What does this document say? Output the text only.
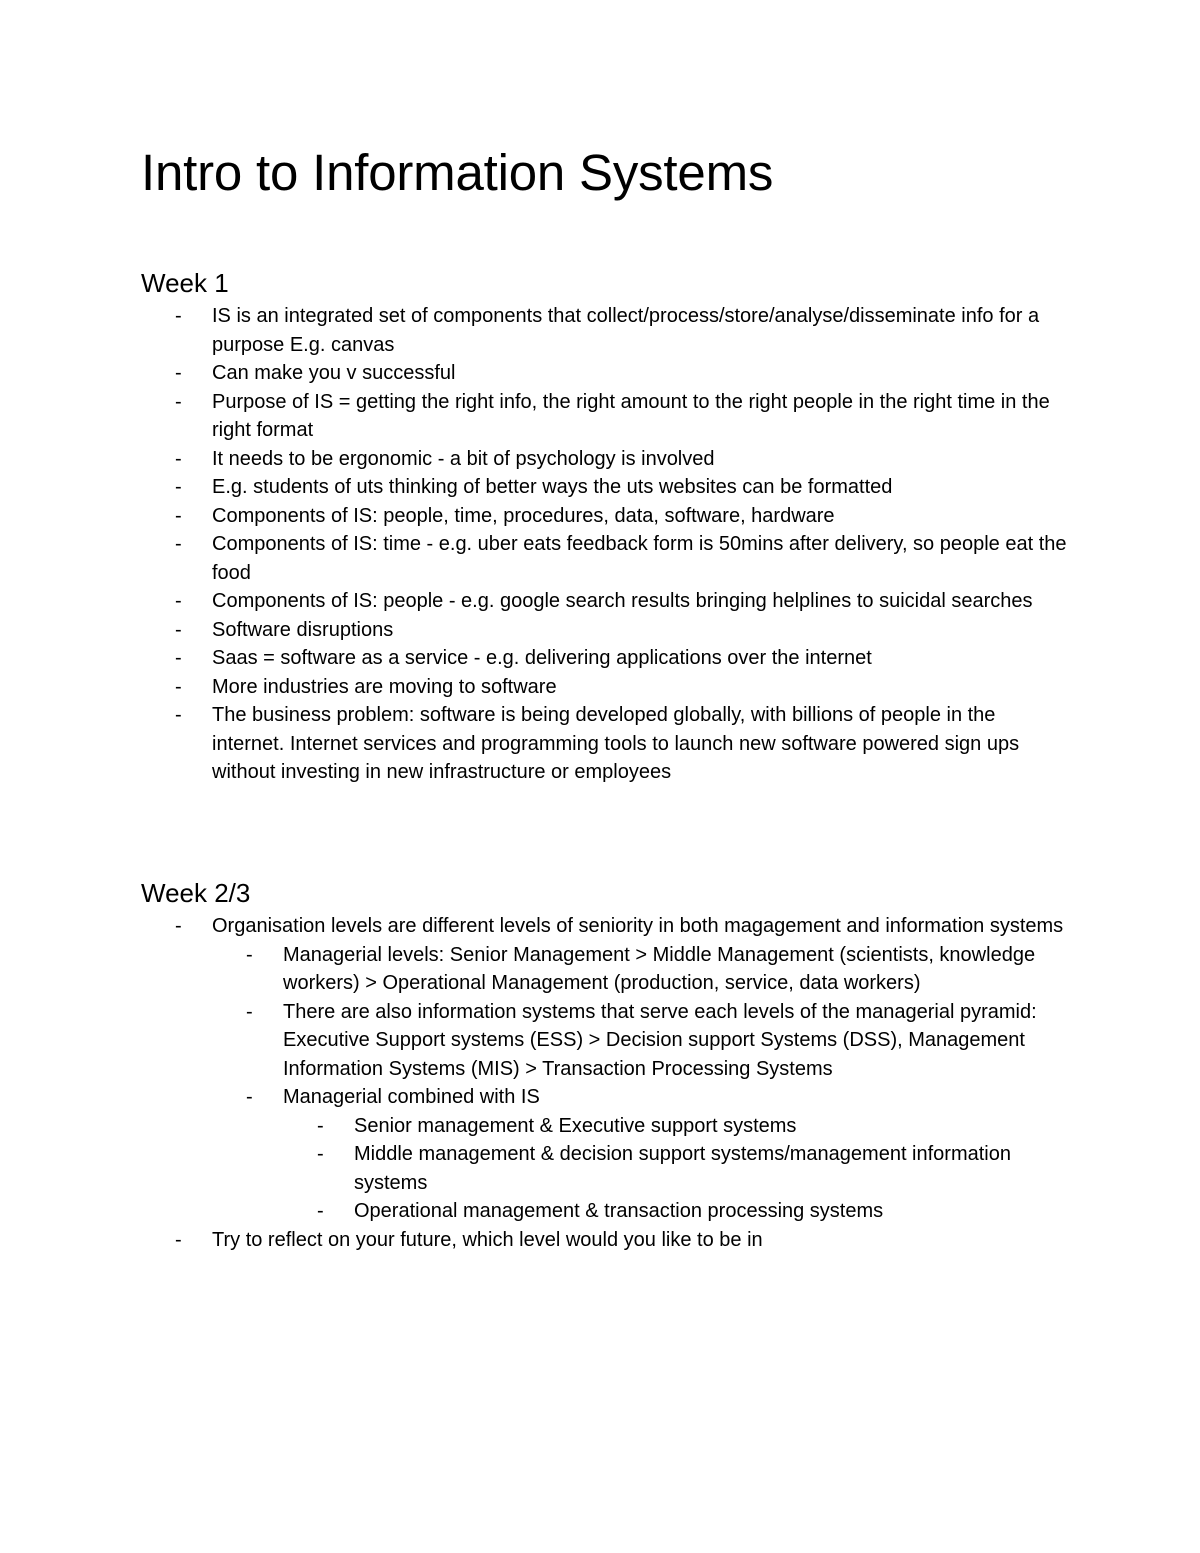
Intro to Information Systems
Week 1
-	IS is an integrated set of components that collect/process/store/analyse/disseminate info for a purpose E.g. canvas
-	Can make you v successful
-	Purpose of IS = getting the right info, the right amount to the right people in the right time in the right format
-	It needs to be ergonomic - a bit of psychology is involved
-	E.g. students of uts thinking of better ways the uts websites can be formatted
-	Components of IS: people, time, procedures, data, software, hardware
-	Components of IS: time - e.g. uber eats feedback form is 50mins after delivery, so people eat the food
-	Components of IS: people - e.g. google search results bringing helplines to suicidal searches
-	Software disruptions
-	Saas = software as a service - e.g. delivering applications over the internet
-	More industries are moving to software
-	The business problem: software is being developed globally, with billions of people in the internet. Internet services and programming tools to launch new software powered sign ups without investing in new infrastructure or employees
Week 2/3
-	Organisation levels are different levels of seniority in both magagement and information systems
-	Managerial levels: Senior Management > Middle Management (scientists, knowledge workers) > Operational Management (production, service, data workers)
-	There are also information systems that serve each levels of the managerial pyramid: Executive Support systems (ESS) > Decision support Systems (DSS), Management Information Systems (MIS) > Transaction Processing Systems
-	Managerial combined with IS
-	Senior management & Executive support systems
-	Middle management & decision support systems/management information systems
-	Operational management & transaction processing systems
-	Try to reflect on your future, which level would you like to be in
